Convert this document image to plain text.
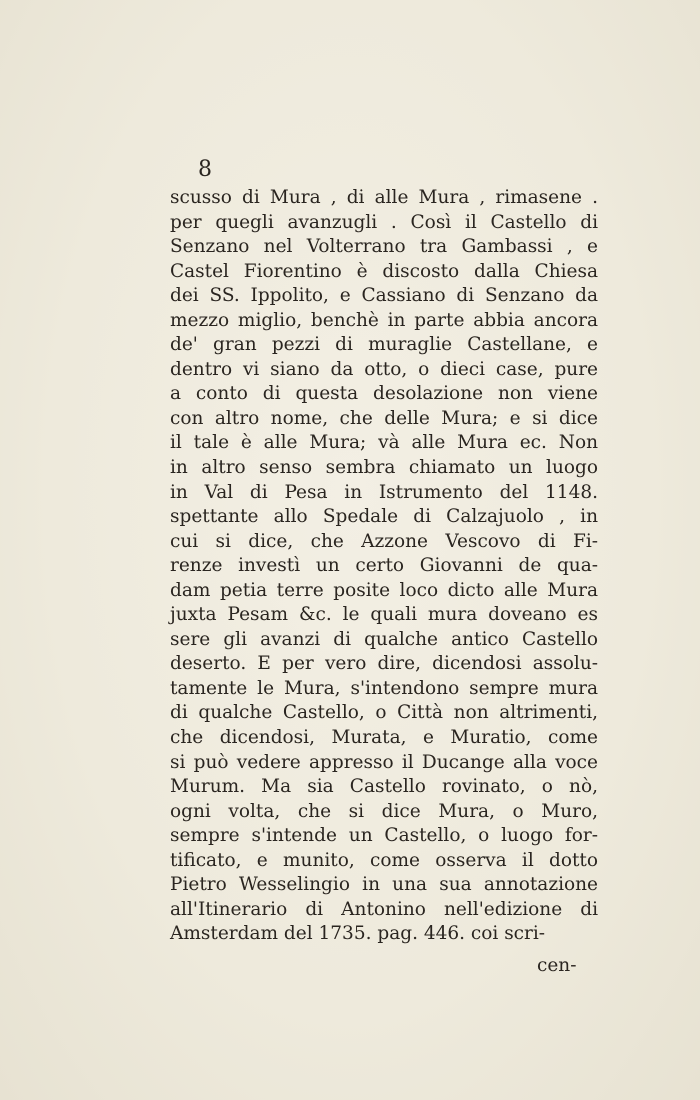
8
scusso di Mura , di alle Mura , rimasene .
per quegli avanzugli . Così il Castello di
Senzano nel Volterrano tra Gambassi , e
Castel Fiorentino è discosto dalla Chiesa
dei SS. Ippolito, e Cassiano di Senzano da
mezzo miglio, benchè in parte abbia ancora
de' gran pezzi di muraglie Castellane, e
dentro vi siano da otto, o dieci case, pure
a conto di questa desolazione non viene
con altro nome, che delle Mura; e si dice
il tale è alle Mura; và alle Mura ec. Non
in altro senso sembra chiamato un luogo
in Val di Pesa in Istrumento del 1148.
spettante allo Spedale di Calzajuolo , in
cui si dice, che Azzone Vescovo di Fi-
renze investì un certo Giovanni de qua-
dam petia terre posite loco dicto alle Mura
juxta Pesam &c. le quali mura doveano es
sere gli avanzi di qualche antico Castello
deserto. E per vero dire, dicendosi assolu-
tamente le Mura, s'intendono sempre mura
di qualche Castello, o Città non altrimenti,
che dicendosi, Murata, e Muratio, come
si può vedere appresso il Ducange alla voce
Murum. Ma sia Castello rovinato, o nò,
ogni volta, che si dice Mura, o Muro,
sempre s'intende un Castello, o luogo for-
tificato, e munito, come osserva il dotto
Pietro Wesselingio in una sua annotazione
all'Itinerario di Antonino nell'edizione di
Amsterdam del 1735. pag. 446. coi scri-
cen-
